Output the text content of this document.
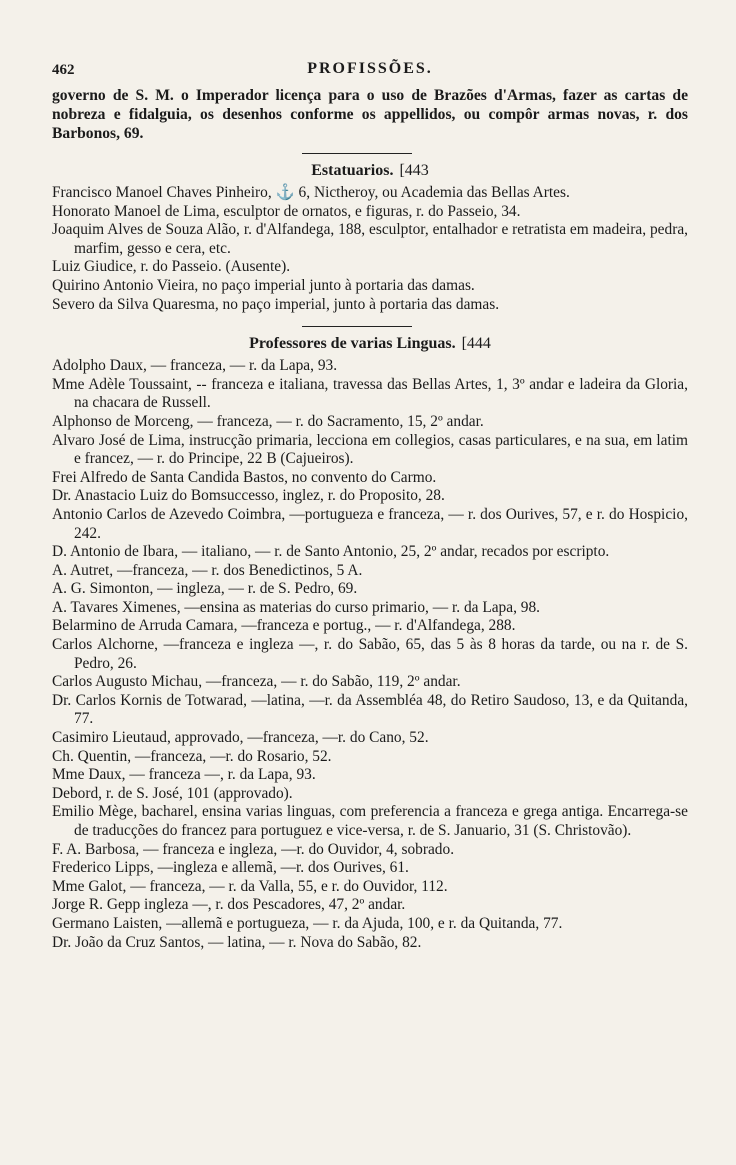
462	PROFISSÕES.

governo de S. M. o Imperador licença para o uso de Brazões d'Armas, fazer as cartas de nobreza e fidalguia, os desenhos conforme os appellidos, ou compôr armas novas, r. dos Barbonos, 69.

Estatuarios. [443

Francisco Manoel Chaves Pinheiro, ⚓ 6, Nictheroy, ou Academia das Bellas Artes.

Honorato Manoel de Lima, esculptor de ornatos, e figuras, r. do Passeio, 34.

Joaquim Alves de Souza Alão, r. d'Alfandega, 188, esculptor, entalhador e retratista em madeira, pedra, marfim, gesso e cera, etc.

Luiz Giudice, r. do Passeio. (Ausente).

Quirino Antonio Vieira, no paço imperial junto à portaria das damas.

Severo da Silva Quaresma, no paço imperial, junto à portaria das damas.

Professores de varias Linguas. [444

Adolpho Daux, — franceza, — r. da Lapa, 93.

Mme Adèle Toussaint, -- franceza e italiana, travessa das Bellas Artes, 1, 3º andar e ladeira da Gloria, na chacara de Russell.

Alphonso de Morceng, — franceza, — r. do Sacramento, 15, 2º andar.

Alvaro José de Lima, instrucção primaria, lecciona em collegios, casas particulares, e na sua, em latim e francez, — r. do Principe, 22 B (Cajueiros).

Frei Alfredo de Santa Candida Bastos, no convento do Carmo.

Dr. Anastacio Luiz do Bomsuccesso, inglez, r. do Proposito, 28.

Antonio Carlos de Azevedo Coimbra, —portugueza e franceza, — r. dos Ourives, 57, e r. do Hospicio, 242.

D. Antonio de Ibara, — italiano, — r. de Santo Antonio, 25, 2º andar, recados por escripto.

A. Autret, —franceza, — r. dos Benedictinos, 5 A.

A. G. Simonton, — ingleza, — r. de S. Pedro, 69.

A. Tavares Ximenes, —ensina as materias do curso primario, — r. da Lapa, 98.

Belarmino de Arruda Camara, —franceza e portug., — r. d'Alfandega, 288.

Carlos Alchorne, —franceza e ingleza —, r. do Sabão, 65, das 5 às 8 horas da tarde, ou na r. de S. Pedro, 26.

Carlos Augusto Michau, —franceza, — r. do Sabão, 119, 2º andar.

Dr. Carlos Kornis de Totwarad, —latina, —r. da Assembléa 48, do Retiro Saudoso, 13, e da Quitanda, 77.

Casimiro Lieutaud, approvado, —franceza, —r. do Cano, 52.

Ch. Quentin, —franceza, —r. do Rosario, 52.

Mme Daux, — franceza —, r. da Lapa, 93.

Debord, r. de S. José, 101 (approvado).

Emilio Mège, bacharel, ensina varias linguas, com preferencia a franceza e grega antiga. Encarrega-se de traducções do francez para portuguez e vice-versa, r. de S. Januario, 31 (S. Christovão).

F. A. Barbosa, — franceza e ingleza, —r. do Ouvidor, 4, sobrado.

Frederico Lipps, —ingleza e allemã, —r. dos Ourives, 61.

Mme Galot, — franceza, — r. da Valla, 55, e r. do Ouvidor, 112.

Jorge R. Gepp ingleza —, r. dos Pescadores, 47, 2º andar.

Germano Laisten, —allemã e portugueza, — r. da Ajuda, 100, e r. da Quitanda, 77.

Dr. João da Cruz Santos, — latina, — r. Nova do Sabão, 82.
